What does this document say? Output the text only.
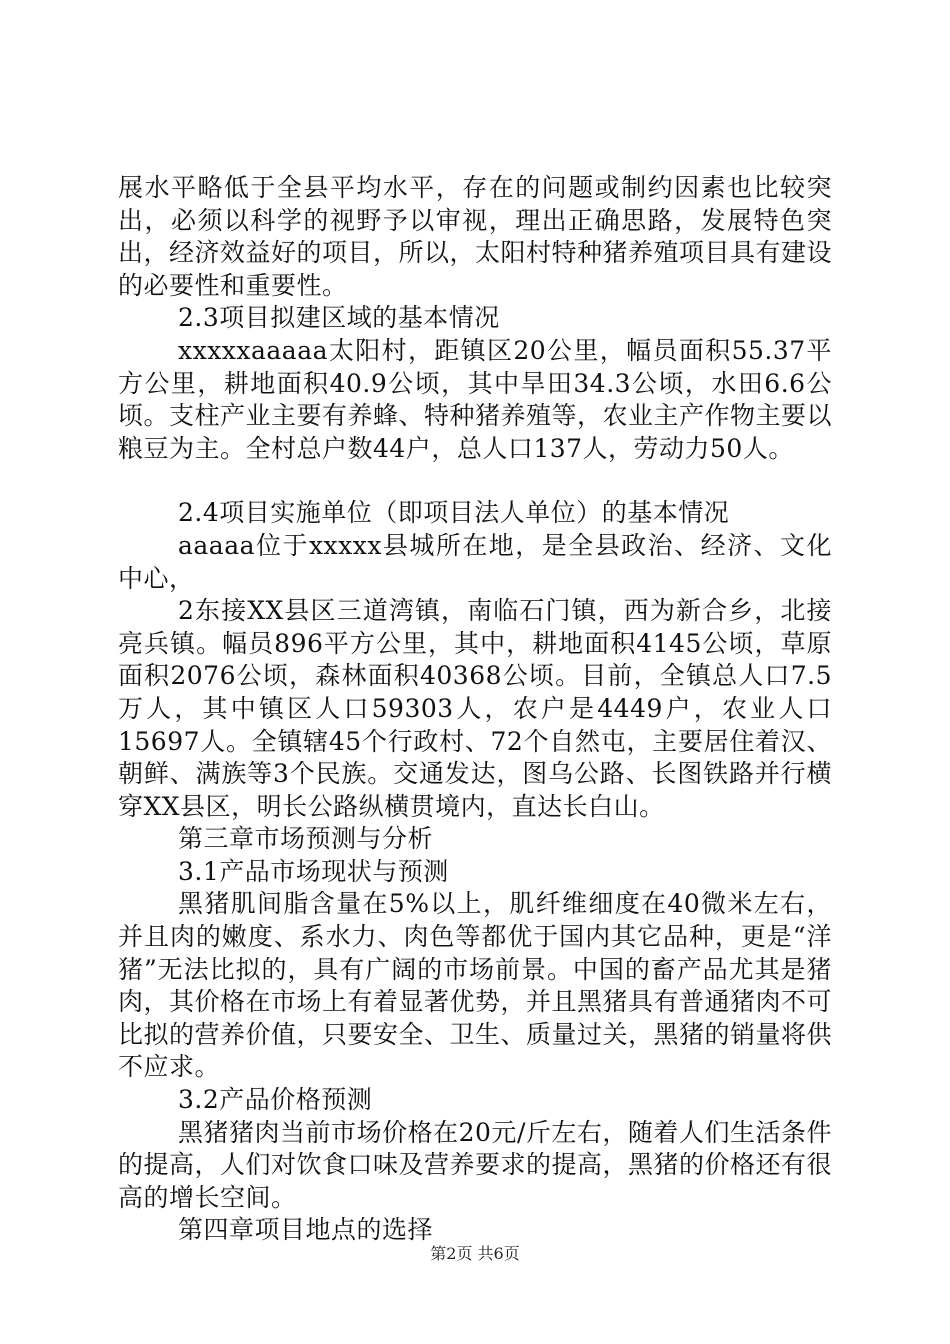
展水平略低于全县平均水平，存在的问题或制约因素也比较突出，必须以科学的视野予以审视，理出正确思路，发展特色突出，经济效益好的项目，所以，太阳村特种猪养殖项目具有建设的必要性和重要性。

2.3项目拟建区域的基本情况

xxxxxaaaaa太阳村，距镇区20公里，幅员面积55.37平方公里，耕地面积40.9公顷，其中旱田34.3公顷，水田6.6公顷。支柱产业主要有养蜂、特种猪养殖等，农业主产作物主要以粮豆为主。全村总户数44户，总人口137人，劳动力50人。

2.4项目实施单位（即项目法人单位）的基本情况

aaaaa位于xxxxx县城所在地，是全县政治、经济、文化中心，

2东接XX县区三道湾镇，南临石门镇，西为新合乡，北接亮兵镇。幅员896平方公里，其中，耕地面积4145公顷，草原面积2076公顷，森林面积40368公顷。目前，全镇总人口7.5万人，其中镇区人口59303人，农户是4449户，农业人口15697人。全镇辖45个行政村、72个自然屯，主要居住着汉、朝鲜、满族等3个民族。交通发达，图乌公路、长图铁路并行横穿XX县区，明长公路纵横贯境内，直达长白山。

第三章市场预测与分析

3.1产品市场现状与预测

黑猪肌间脂含量在5%以上，肌纤维细度在40微米左右，并且肉的嫩度、系水力、肉色等都优于国内其它品种，更是“洋猪”无法比拟的，具有广阔的市场前景。中国的畜产品尤其是猪肉，其价格在市场上有着显著优势，并且黑猪具有普通猪肉不可比拟的营养价值，只要安全、卫生、质量过关，黑猪的销量将供不应求。

3.2产品价格预测

黑猪猪肉当前市场价格在20元/斤左右，随着人们生活条件的提高，人们对饮食口味及营养要求的提高，黑猪的价格还有很高的增长空间。

第四章项目地点的选择

第2页 共6页
